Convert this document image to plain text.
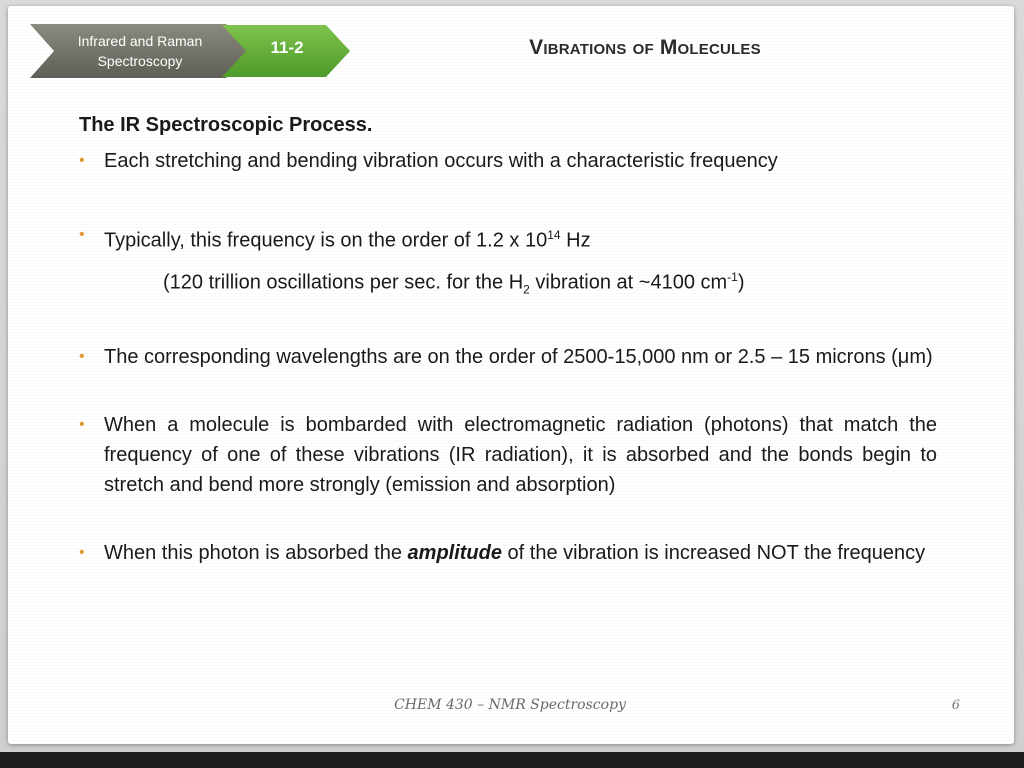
Infrared and Raman Spectroscopy
11-2	Vibrations of Molecules
The IR Spectroscopic Process.
• Each stretching and bending vibration occurs with a characteristic frequency
• Typically, this frequency is on the order of 1.2 x $10^{14}$ Hz
(120 trillion oscillations per sec. for the $H_2$ vibration at ~4100 $cm^{-1}$)
• The corresponding wavelengths are on the order of 2500-15,000 nm or 2.5 – 15 microns (μm)
• When a molecule is bombarded with electromagnetic radiation (photons) that match the frequency of one of these vibrations (IR radiation), it is absorbed and the bonds begin to stretch and bend more strongly (emission and absorption)
• When this photon is absorbed the amplitude of the vibration is increased NOT the frequency
CHEM 430 – NMR Spectroscopy	6
